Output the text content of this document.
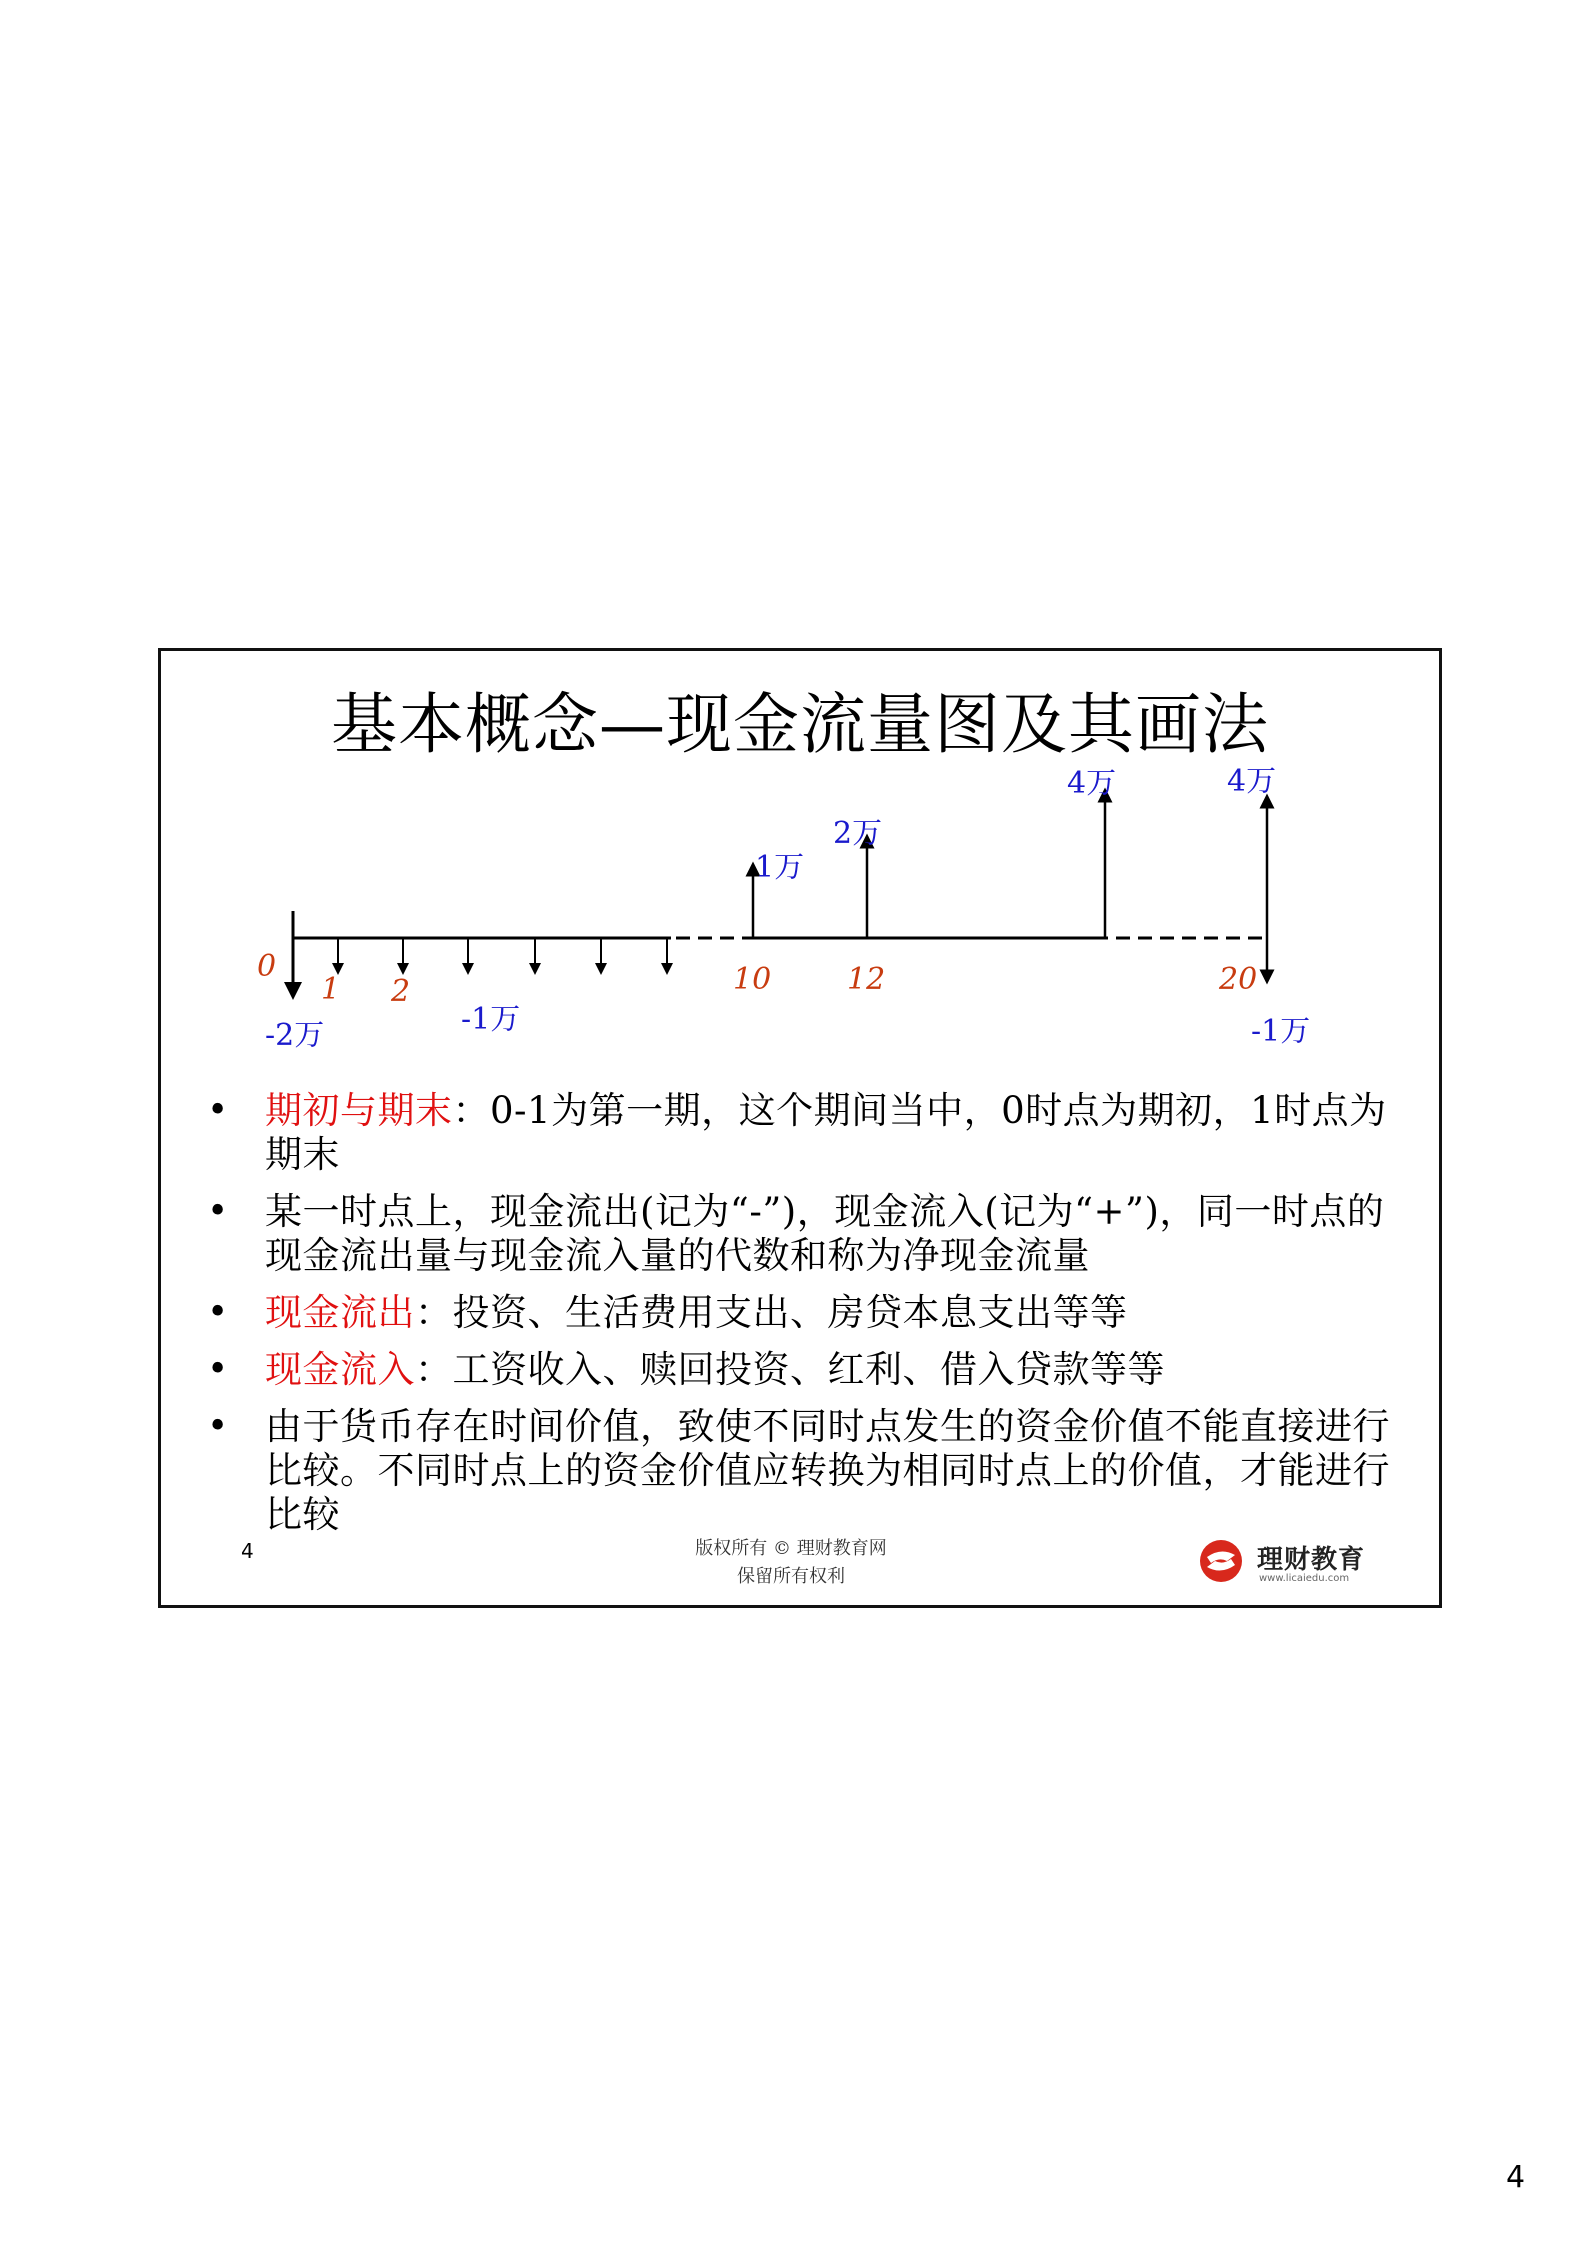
基本概念—现金流量图及其画法
0
1 2	10	12	20
-2万	-1万
1万
2万
4万	4万
-1万
• 期初与期末：0-1为第一期，这个期间当中，0时点为期初，1时点为期末
• 某一时点上，现金流出(记为“-”)，现金流入(记为“+”)，同一时点的现金流出量与现金流入量的代数和称为净现金流量
• 现金流出：投资、生活费用支出、房贷本息支出等等
• 现金流入：工资收入、赎回投资、红利、借入贷款等等
• 由于货币存在时间价值，致使不同时点发生的资金价值不能直接进行比较。不同时点上的资金价值应转换为相同时点上的价值，才能进行比较
4	版权所有 © 理财教育网
保留所有权利
理财教育
www.licaiedu.com
4
